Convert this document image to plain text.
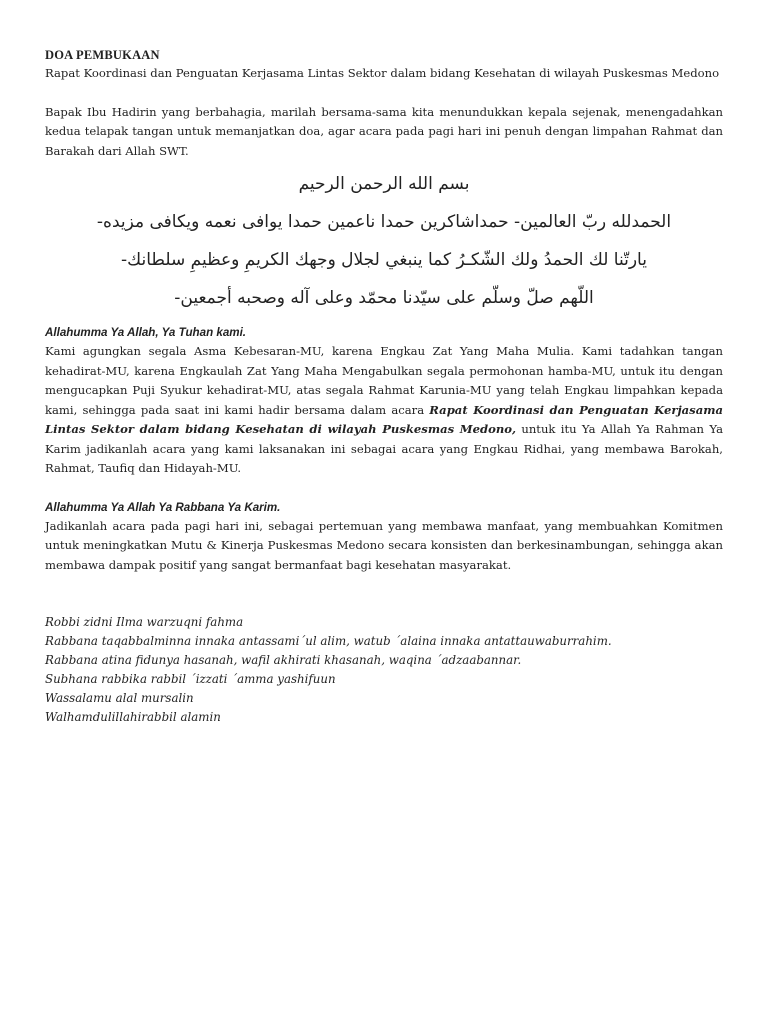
DOA PEMBUKAAN

Rapat Koordinasi dan Penguatan Kerjasama Lintas Sektor dalam bidang Kesehatan di wilayah Puskesmas Medono

Bapak Ibu Hadirin yang berbahagia, marilah bersama-sama kita menundukkan kepala sejenak, menengadahkan kedua telapak tangan untuk memanjatkan doa, agar acara pada pagi hari ini penuh dengan limpahan Rahmat dan Barakah dari Allah SWT.

بسم الله الرحمن الرحيم

الحمدلله ربّ العالمين- حمداشاكرين حمدا ناعمين حمدا يوافى نعمه ويكافى مزيده-

يارتّنا لك الحمدُ ولك الشّكـرُ كما ينبغي لجلال وجهك الكريمِ وعظيمِ سلطانك-

اللّهم صلّ وسلّم على سيّدنا محمّد وعلى آله وصحبه أجمعين-

Allahumma Ya Allah, Ya Tuhan kami.

Kami agungkan segala Asma Kebesaran-MU, karena Engkau Zat Yang Maha Mulia. Kami tadahkan tangan kehadirat-MU, karena Engkaulah Zat Yang Maha Mengabulkan segala permohonan hamba-MU, untuk itu dengan mengucapkan Puji Syukur kehadirat-MU, atas segala Rahmat Karunia-MU yang telah Engkau limpahkan kepada kami, sehingga pada saat ini kami hadir bersama dalam acara Rapat Koordinasi dan Penguatan Kerjasama Lintas Sektor dalam bidang Kesehatan di wilayah Puskesmas Medono, untuk itu Ya Allah Ya Rahman Ya Karim jadikanlah acara yang kami laksanakan ini sebagai acara yang Engkau Ridhai, yang membawa Barokah, Rahmat, Taufiq dan Hidayah-MU.

Allahumma Ya Allah Ya Rabbana Ya Karim.

Jadikanlah acara pada pagi hari ini, sebagai pertemuan yang membawa manfaat, yang membuahkan Komitmen untuk meningkatkan Mutu & Kinerja Puskesmas Medono secara konsisten dan berkesinambungan, sehingga akan membawa dampak positif yang sangat bermanfaat bagi kesehatan masyarakat.

Robbi zidni Ilma warzuqni fahma

Rabbana taqabbalminna innaka antassami´ul alim, watub ´alaina innaka antattauwaburrahim.

Rabbana atina fidunya hasanah, wafil akhirati khasanah, waqina ´adzaabannar.

Subhana rabbika rabbil ´izzati ´amma yashifuun

Wassalamu alal mursalin

Walhamdulillahirabbil alamin
